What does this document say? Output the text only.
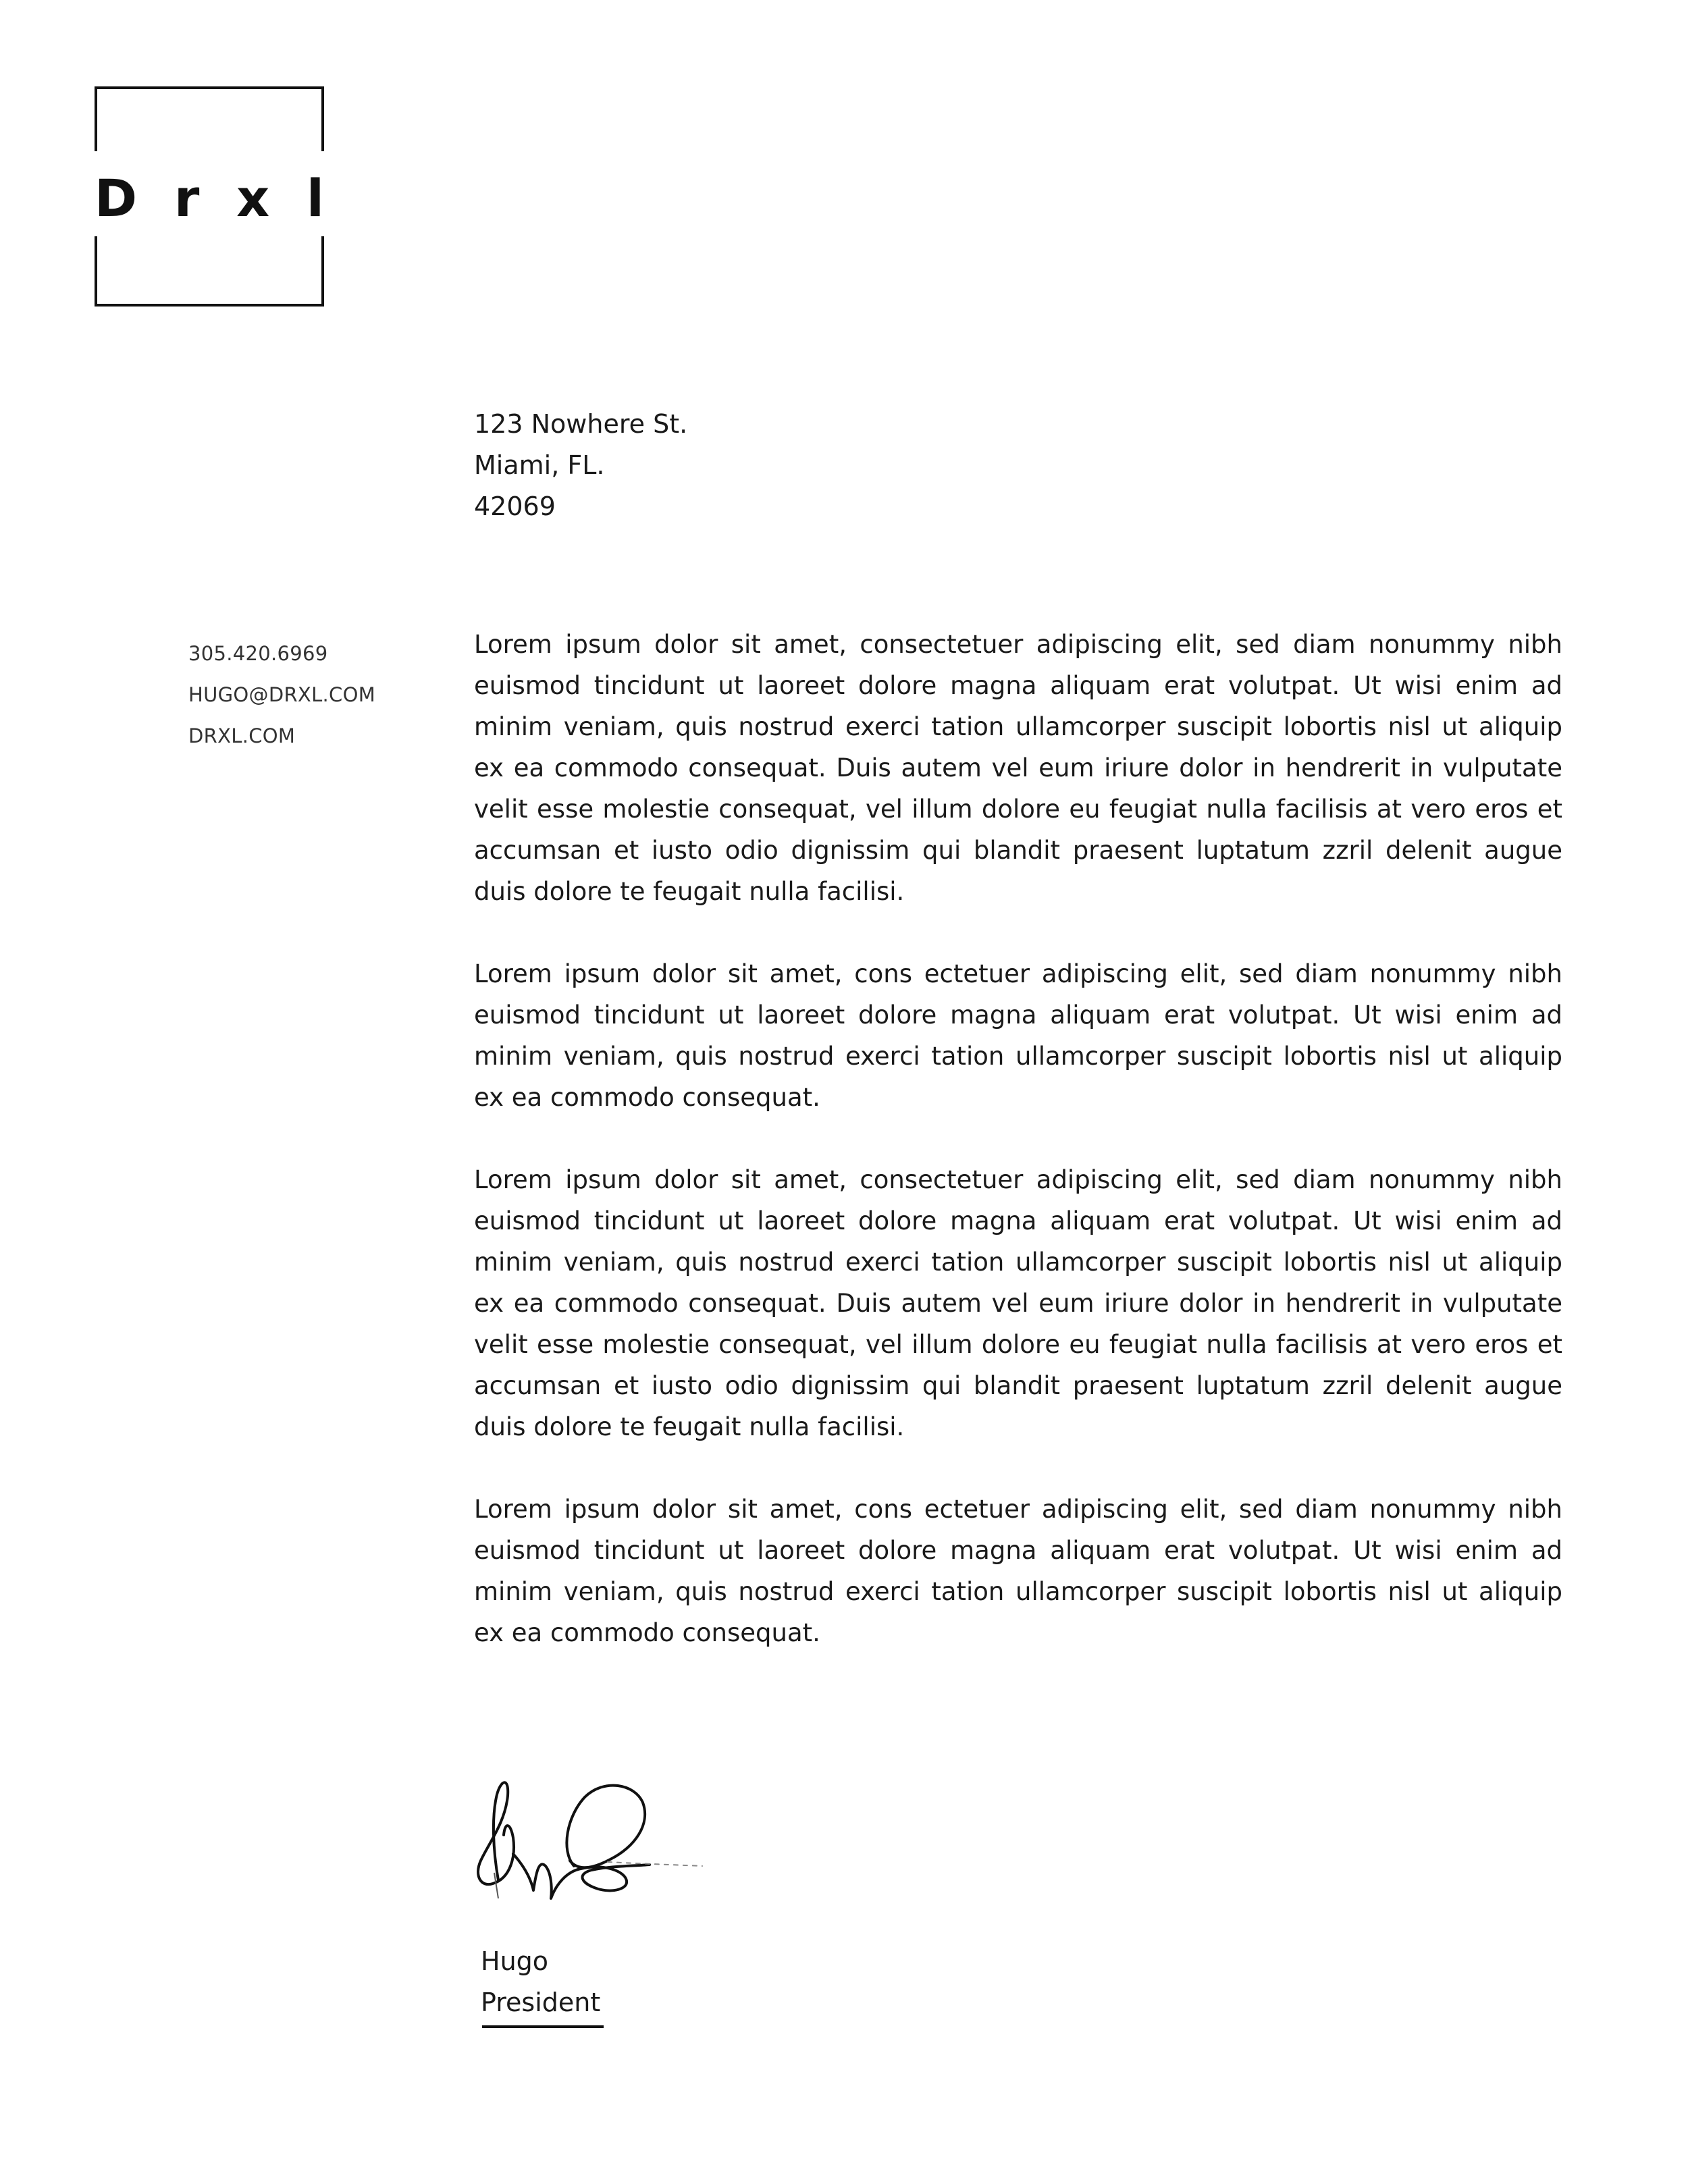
D r x l
123 Nowhere St.
Miami, FL.
42069
305.420.6969
HUGO@DRXL.COM
DRXL.COM

Lorem ipsum dolor sit amet, consectetuer adipiscing elit, sed diam nonummy nibh euismod tincidunt ut laoreet dolore magna aliquam erat volutpat. Ut wisi enim ad minim veniam, quis nostrud exerci tation ullamcorper suscipit lobortis nisl ut aliquip ex ea commodo consequat. Duis autem vel eum iriure dolor in hendrerit in vulputate velit esse molestie consequat, vel illum dolore eu feugiat nulla facilisis at vero eros et accumsan et iusto odio dignissim qui blandit praesent luptatum zzril delenit augue duis dolore te feugait nulla facilisi.

Lorem ipsum dolor sit amet, cons ectetuer adipiscing elit, sed diam nonummy nibh euismod tincidunt ut laoreet dolore magna aliquam erat volutpat. Ut wisi enim ad minim veniam, quis nostrud exerci tation ullamcorper suscipit lobortis nisl ut aliquip ex ea commodo consequat.

Lorem ipsum dolor sit amet, consectetuer adipiscing elit, sed diam nonummy nibh euismod tincidunt ut laoreet dolore magna aliquam erat volutpat. Ut wisi enim ad minim veniam, quis nostrud exerci tation ullamcorper suscipit lobortis nisl ut aliquip ex ea commodo consequat. Duis autem vel eum iriure dolor in hendrerit in vulputate velit esse molestie consequat, vel illum dolore eu feugiat nulla facilisis at vero eros et accumsan et iusto odio dignissim qui blandit praesent luptatum zzril delenit augue duis dolore te feugait nulla facilisi.

Lorem ipsum dolor sit amet, cons ectetuer adipiscing elit, sed diam nonummy nibh euismod tincidunt ut laoreet dolore magna aliquam erat volutpat. Ut wisi enim ad minim veniam, quis nostrud exerci tation ullamcorper suscipit lobortis nisl ut aliquip ex ea commodo consequat.

Hugo
President
